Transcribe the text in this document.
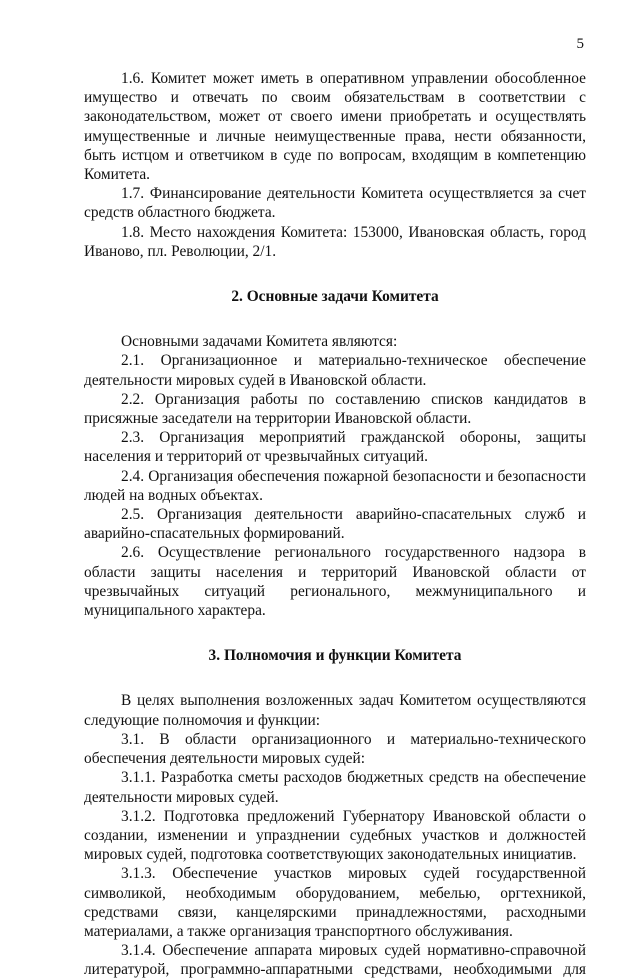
5

1.6. Комитет может иметь в оперативном управлении обособленное имущество и отвечать по своим обязательствам в соответствии с законодательством, может от своего имени приобретать и осуществлять имущественные и личные неимущественные права, нести обязанности, быть истцом и ответчиком в суде по вопросам, входящим в компетенцию Комитета.

1.7. Финансирование деятельности Комитета осуществляется за счет средств областного бюджета.

1.8. Место нахождения Комитета: 153000, Ивановская область, город Иваново, пл. Революции, 2/1.

2. Основные задачи Комитета

Основными задачами Комитета являются:

2.1. Организационное и материально-техническое обеспечение деятельности мировых судей в Ивановской области.

2.2. Организация работы по составлению списков кандидатов в присяжные заседатели на территории Ивановской области.

2.3. Организация мероприятий гражданской обороны, защиты населения и территорий от чрезвычайных ситуаций.

2.4. Организация обеспечения пожарной безопасности и безопасности людей на водных объектах.

2.5. Организация деятельности аварийно-спасательных служб и аварийно-спасательных формирований.

2.6. Осуществление регионального государственного надзора в области защиты населения и территорий Ивановской области от чрезвычайных ситуаций регионального, межмуниципального и муниципального характера.

3. Полномочия и функции Комитета

В целях выполнения возложенных задач Комитетом осуществляются следующие полномочия и функции:

3.1. В области организационного и материально-технического обеспечения деятельности мировых судей:

3.1.1. Разработка сметы расходов бюджетных средств на обеспечение деятельности мировых судей.

3.1.2. Подготовка предложений Губернатору Ивановской области о создании, изменении и упразднении судебных участков и должностей мировых судей, подготовка соответствующих законодательных инициатив.

3.1.3. Обеспечение участков мировых судей государственной символикой, необходимым оборудованием, мебелью, оргтехникой, средствами связи, канцелярскими принадлежностями, расходными материалами, а также организация транспортного обслуживания.

3.1.4. Обеспечение аппарата мировых судей нормативно-справочной литературой, программно-аппаратными средствами, необходимыми для
